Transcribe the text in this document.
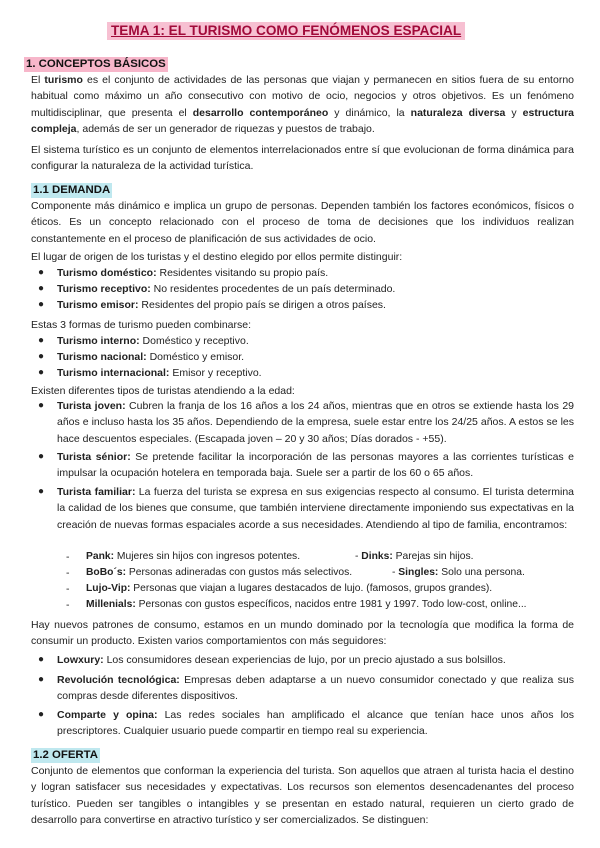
TEMA 1: EL TURISMO COMO FENÓMENOS ESPACIAL
1. CONCEPTOS BÁSICOS
El turismo es el conjunto de actividades de las personas que viajan y permanecen en sitios fuera de su entorno habitual como máximo un año consecutivo con motivo de ocio, negocios y otros objetivos. Es un fenómeno multidisciplinar, que presenta el desarrollo contemporáneo y dinámico, la naturaleza diversa y estructura compleja, además de ser un generador de riquezas y puestos de trabajo.
El sistema turístico es un conjunto de elementos interrelacionados entre sí que evolucionan de forma dinámica para configurar la naturaleza de la actividad turística.
1.1 DEMANDA
Componente más dinámico e implica un grupo de personas. Dependen también los factores económicos, físicos o éticos. Es un concepto relacionado con el proceso de toma de decisiones que los individuos realizan constantemente en el proceso de planificación de sus actividades de ocio.
El lugar de origen de los turistas y el destino elegido por ellos permite distinguir:
● Turismo doméstico: Residentes visitando su propio país.
● Turismo receptivo: No residentes procedentes de un país determinado.
● Turismo emisor: Residentes del propio país se dirigen a otros países.
Estas 3 formas de turismo pueden combinarse:
● Turismo interno: Doméstico y receptivo.
● Turismo nacional: Doméstico y emisor.
● Turismo internacional: Emisor y receptivo.
Existen diferentes tipos de turistas atendiendo a la edad:
● Turista joven: Cubren la franja de los 16 años a los 24 años, mientras que en otros se extiende hasta los 29 años e incluso hasta los 35 años. Dependiendo de la empresa, suele estar entre los 24/25 años. A estos se les hace descuentos especiales. (Escapada joven – 20 y 30 años; Días dorados - +55).
● Turista sénior: Se pretende facilitar la incorporación de las personas mayores a las corrientes turísticas e impulsar la ocupación hotelera en temporada baja. Suele ser a partir de los 60 o 65 años.
● Turista familiar: La fuerza del turista se expresa en sus exigencias respecto al consumo. El turista determina la calidad de los bienes que consume, que también interviene directamente imponiendo sus expectativas en la creación de nuevas formas espaciales acorde a sus necesidades. Atendiendo al tipo de familia, encontramos:
- Pank: Mujeres sin hijos con ingresos potentes.	- Dinks: Parejas sin hijos.
- BoBo´s: Personas adineradas con gustos más selectivos.	- Singles: Solo una persona.
- Lujo-Vip: Personas que viajan a lugares destacados de lujo. (famosos, grupos grandes).
- Millenials: Personas con gustos específicos, nacidos entre 1981 y 1997. Todo low-cost, online...
Hay nuevos patrones de consumo, estamos en un mundo dominado por la tecnología que modifica la forma de consumir un producto. Existen varios comportamientos con más seguidores:
● Lowxury: Los consumidores desean experiencias de lujo, por un precio ajustado a sus bolsillos.
● Revolución tecnológica: Empresas deben adaptarse a un nuevo consumidor conectado y que realiza sus compras desde diferentes dispositivos.
● Comparte y opina: Las redes sociales han amplificado el alcance que tenían hace unos años los prescriptores. Cualquier usuario puede compartir en tiempo real su experiencia.
1.2 OFERTA
Conjunto de elementos que conforman la experiencia del turista. Son aquellos que atraen al turista hacia el destino y logran satisfacer sus necesidades y expectativas. Los recursos son elementos desencadenantes del proceso turístico. Pueden ser tangibles o intangibles y se presentan en estado natural, requieren un cierto grado de desarrollo para convertirse en atractivo turístico y ser comercializados. Se distinguen:
